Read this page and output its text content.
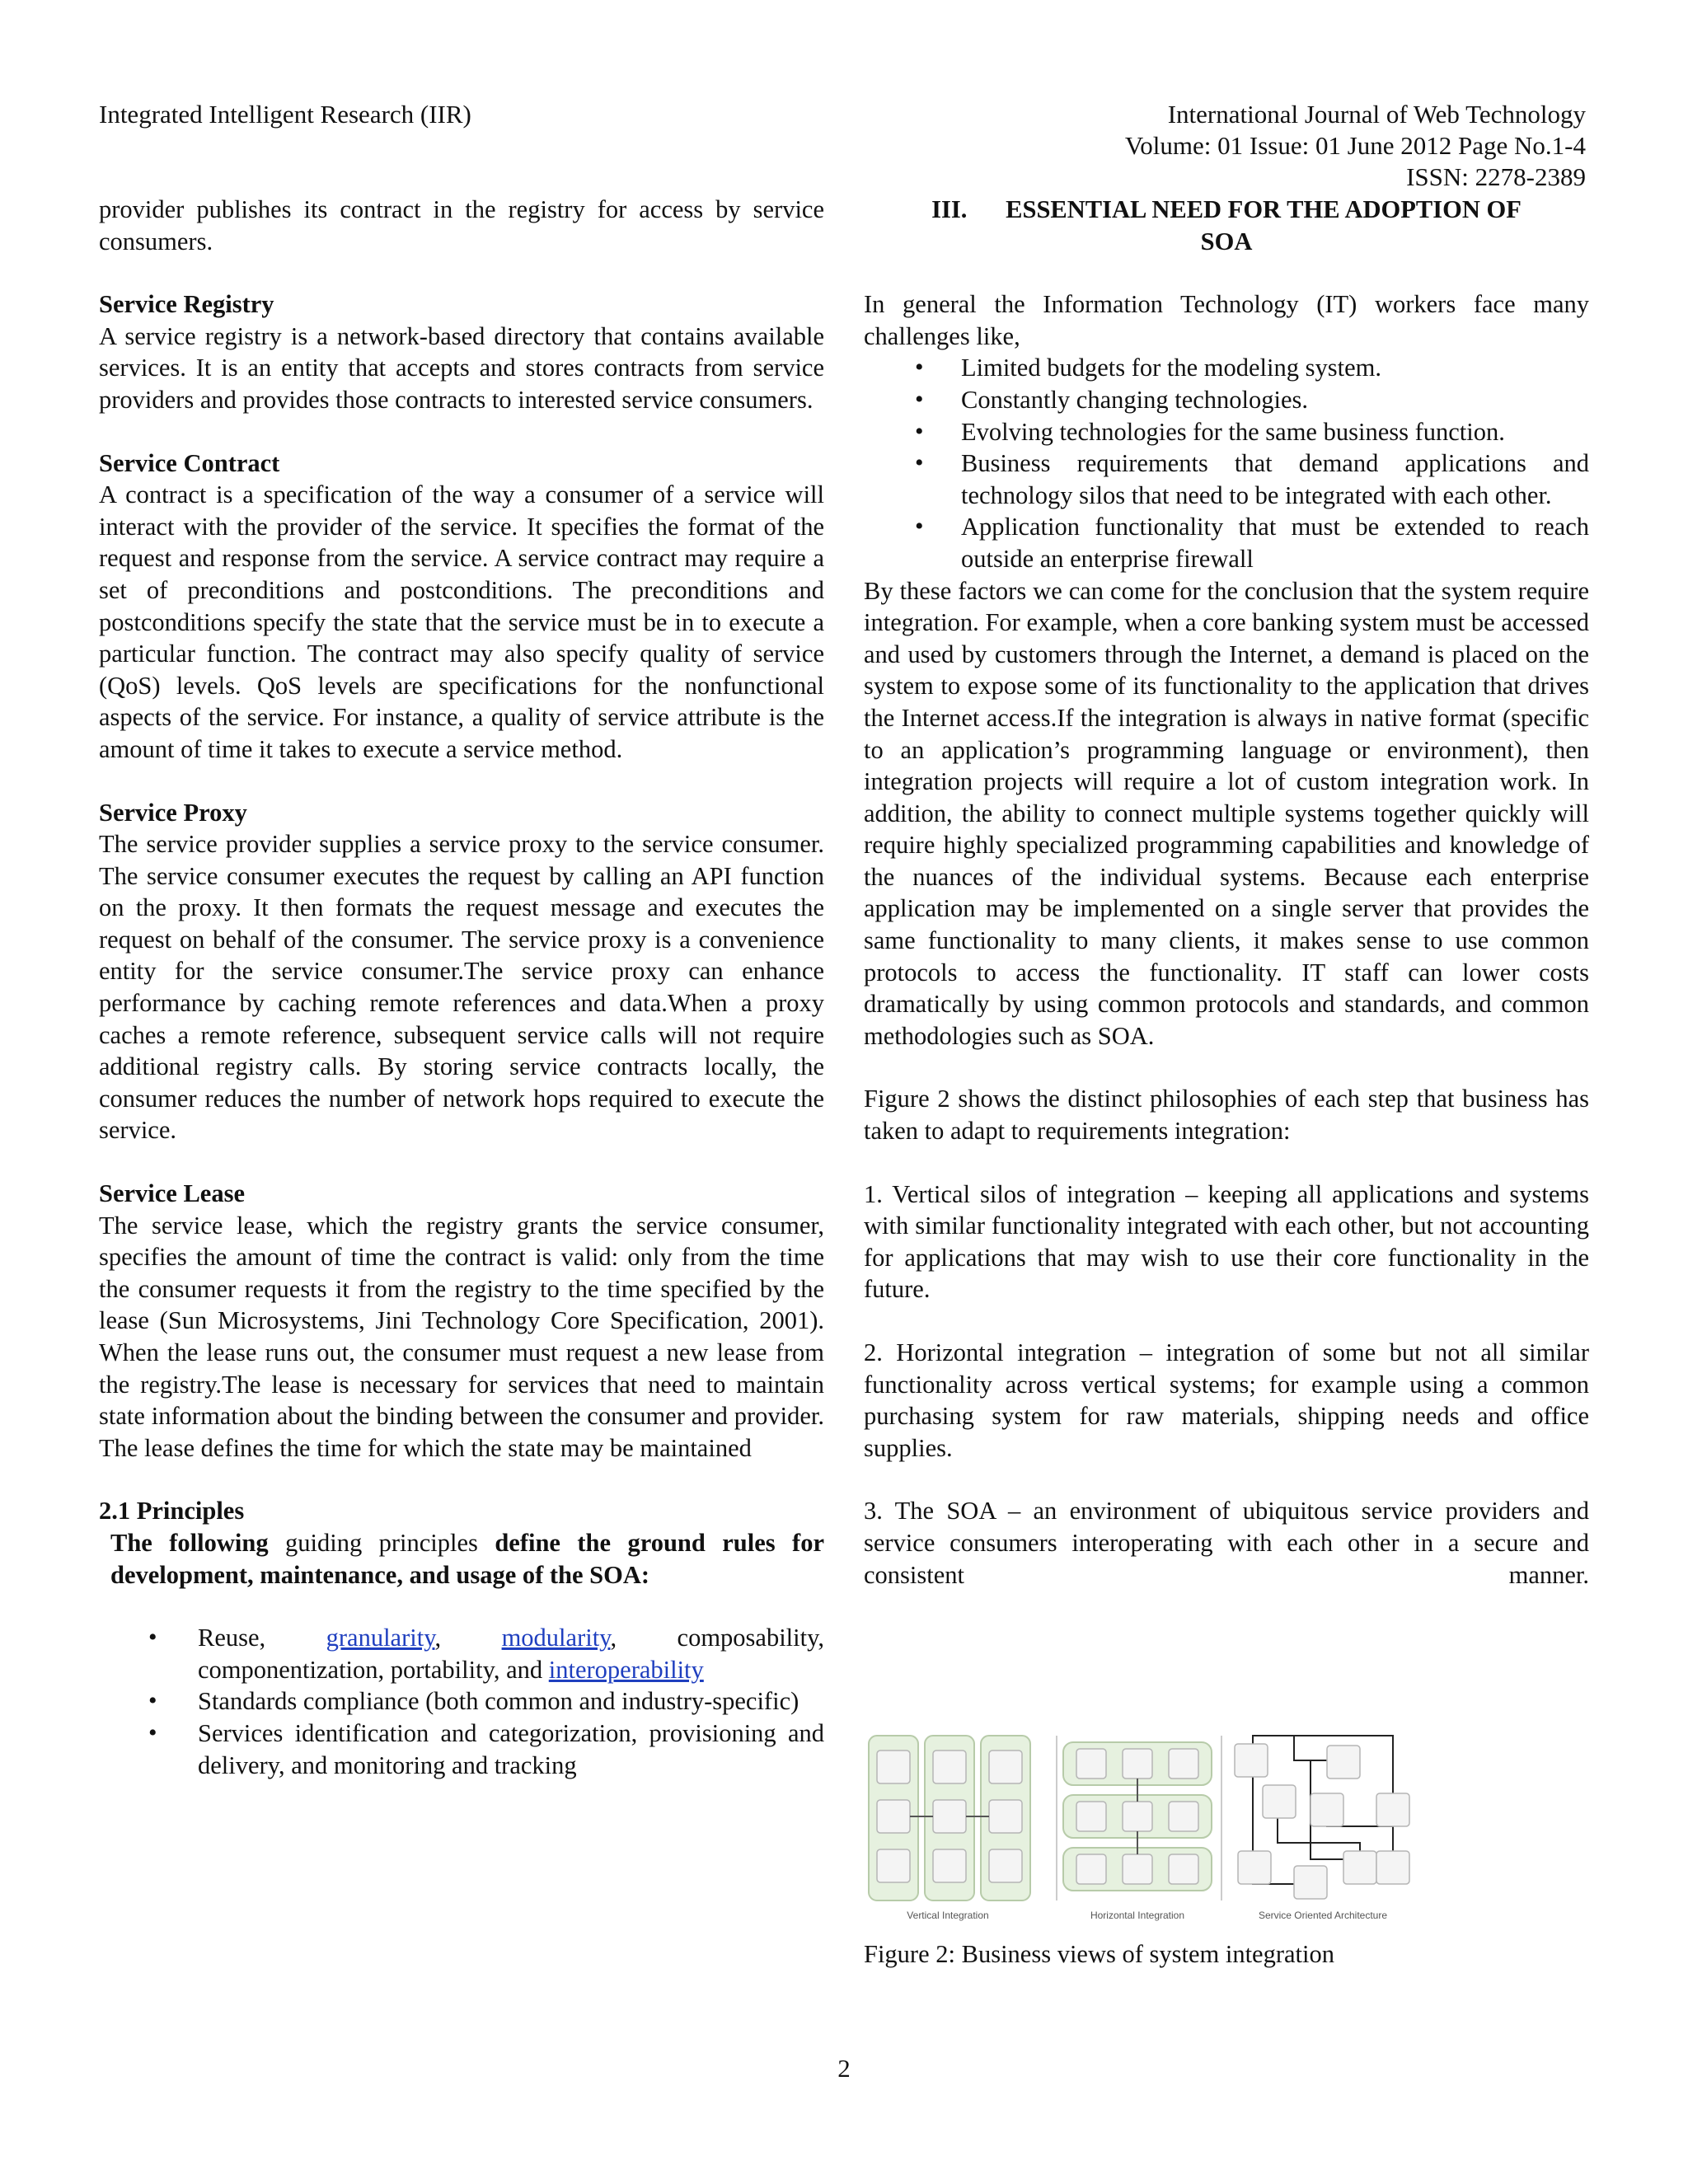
Integrated Intelligent Research (IIR)	International Journal of Web Technology
Volume: 01 Issue: 01 June 2012 Page No.1-4
ISSN: 2278-2389

provider publishes its contract in the registry for access by service consumers.

Service Registry

A service registry is a network-based directory that contains available services. It is an entity that accepts and stores contracts from service providers and provides those contracts to interested service consumers.

Service Contract

A contract is a specification of the way a consumer of a service will interact with the provider of the service. It specifies the format of the request and response from the service. A service contract may require a set of preconditions and postconditions. The preconditions and postconditions specify the state that the service must be in to execute a particular function. The contract may also specify quality of service (QoS) levels. QoS levels are specifications for the nonfunctional aspects of the service. For instance, a quality of service attribute is the amount of time it takes to execute a service method.

Service Proxy

The service provider supplies a service proxy to the service consumer. The service consumer executes the request by calling an API function on the proxy. It then formats the request message and executes the request on behalf of the consumer. The service proxy is a convenience entity for the service consumer.The service proxy can enhance performance by caching remote references and data.When a proxy caches a remote reference, subsequent service calls will not require additional registry calls. By storing service contracts locally, the consumer reduces the number of network hops required to execute the service.

Service Lease

The service lease, which the registry grants the service consumer, specifies the amount of time the contract is valid: only from the time the consumer requests it from the registry to the time specified by the lease (Sun Microsystems, Jini Technology Core Specification, 2001). When the lease runs out, the consumer must request a new lease from the registry.The lease is necessary for services that need to maintain state information about the binding between the consumer and provider. The lease defines the time for which the state may be maintained

2.1 Principles

The following guiding principles define the ground rules for development, maintenance, and usage of the SOA:

• Reuse, granularity, modularity, composability, componentization, portability, and interoperability
• Standards compliance (both common and industry-specific)
• Services identification and categorization, provisioning and delivery, and monitoring and tracking
III. ESSENTIAL NEED FOR THE ADOPTION OF
SOA

In general the Information Technology (IT) workers face many challenges like,

• Limited budgets for the modeling system.
• Constantly changing technologies.
• Evolving technologies for the same business function.
• Business requirements that demand applications and technology silos that need to be integrated with each other.
• Application functionality that must be extended to reach outside an enterprise firewall

By these factors we can come for the conclusion that the system require integration. For example, when a core banking system must be accessed and used by customers through the Internet, a demand is placed on the system to expose some of its functionality to the application that drives the Internet access.If the integration is always in native format (specific to an application’s programming language or environment), then integration projects will require a lot of custom integration work. In addition, the ability to connect multiple systems together quickly will require highly specialized programming capabilities and knowledge of the nuances of the individual systems. Because each enterprise application may be implemented on a single server that provides the same functionality to many clients, it makes sense to use common protocols to access the functionality. IT staff can lower costs dramatically by using common protocols and standards, and common methodologies such as SOA.

Figure 2 shows the distinct philosophies of each step that business has taken to adapt to requirements integration:

1. Vertical silos of integration – keeping all applications and systems with similar functionality integrated with each other, but not accounting for applications that may wish to use their core functionality in the future.

2. Horizontal integration – integration of some but not all similar functionality across vertical systems; for example using a common purchasing system for raw materials, shipping needs and office supplies.

3. The SOA – an environment of ubiquitous service providers and service consumers interoperating with each other in a secure and consistent manner.

Vertical Integration	Horizontal Integration	Service Oriented Architecture
Figure 2: Business views of system integration
2
